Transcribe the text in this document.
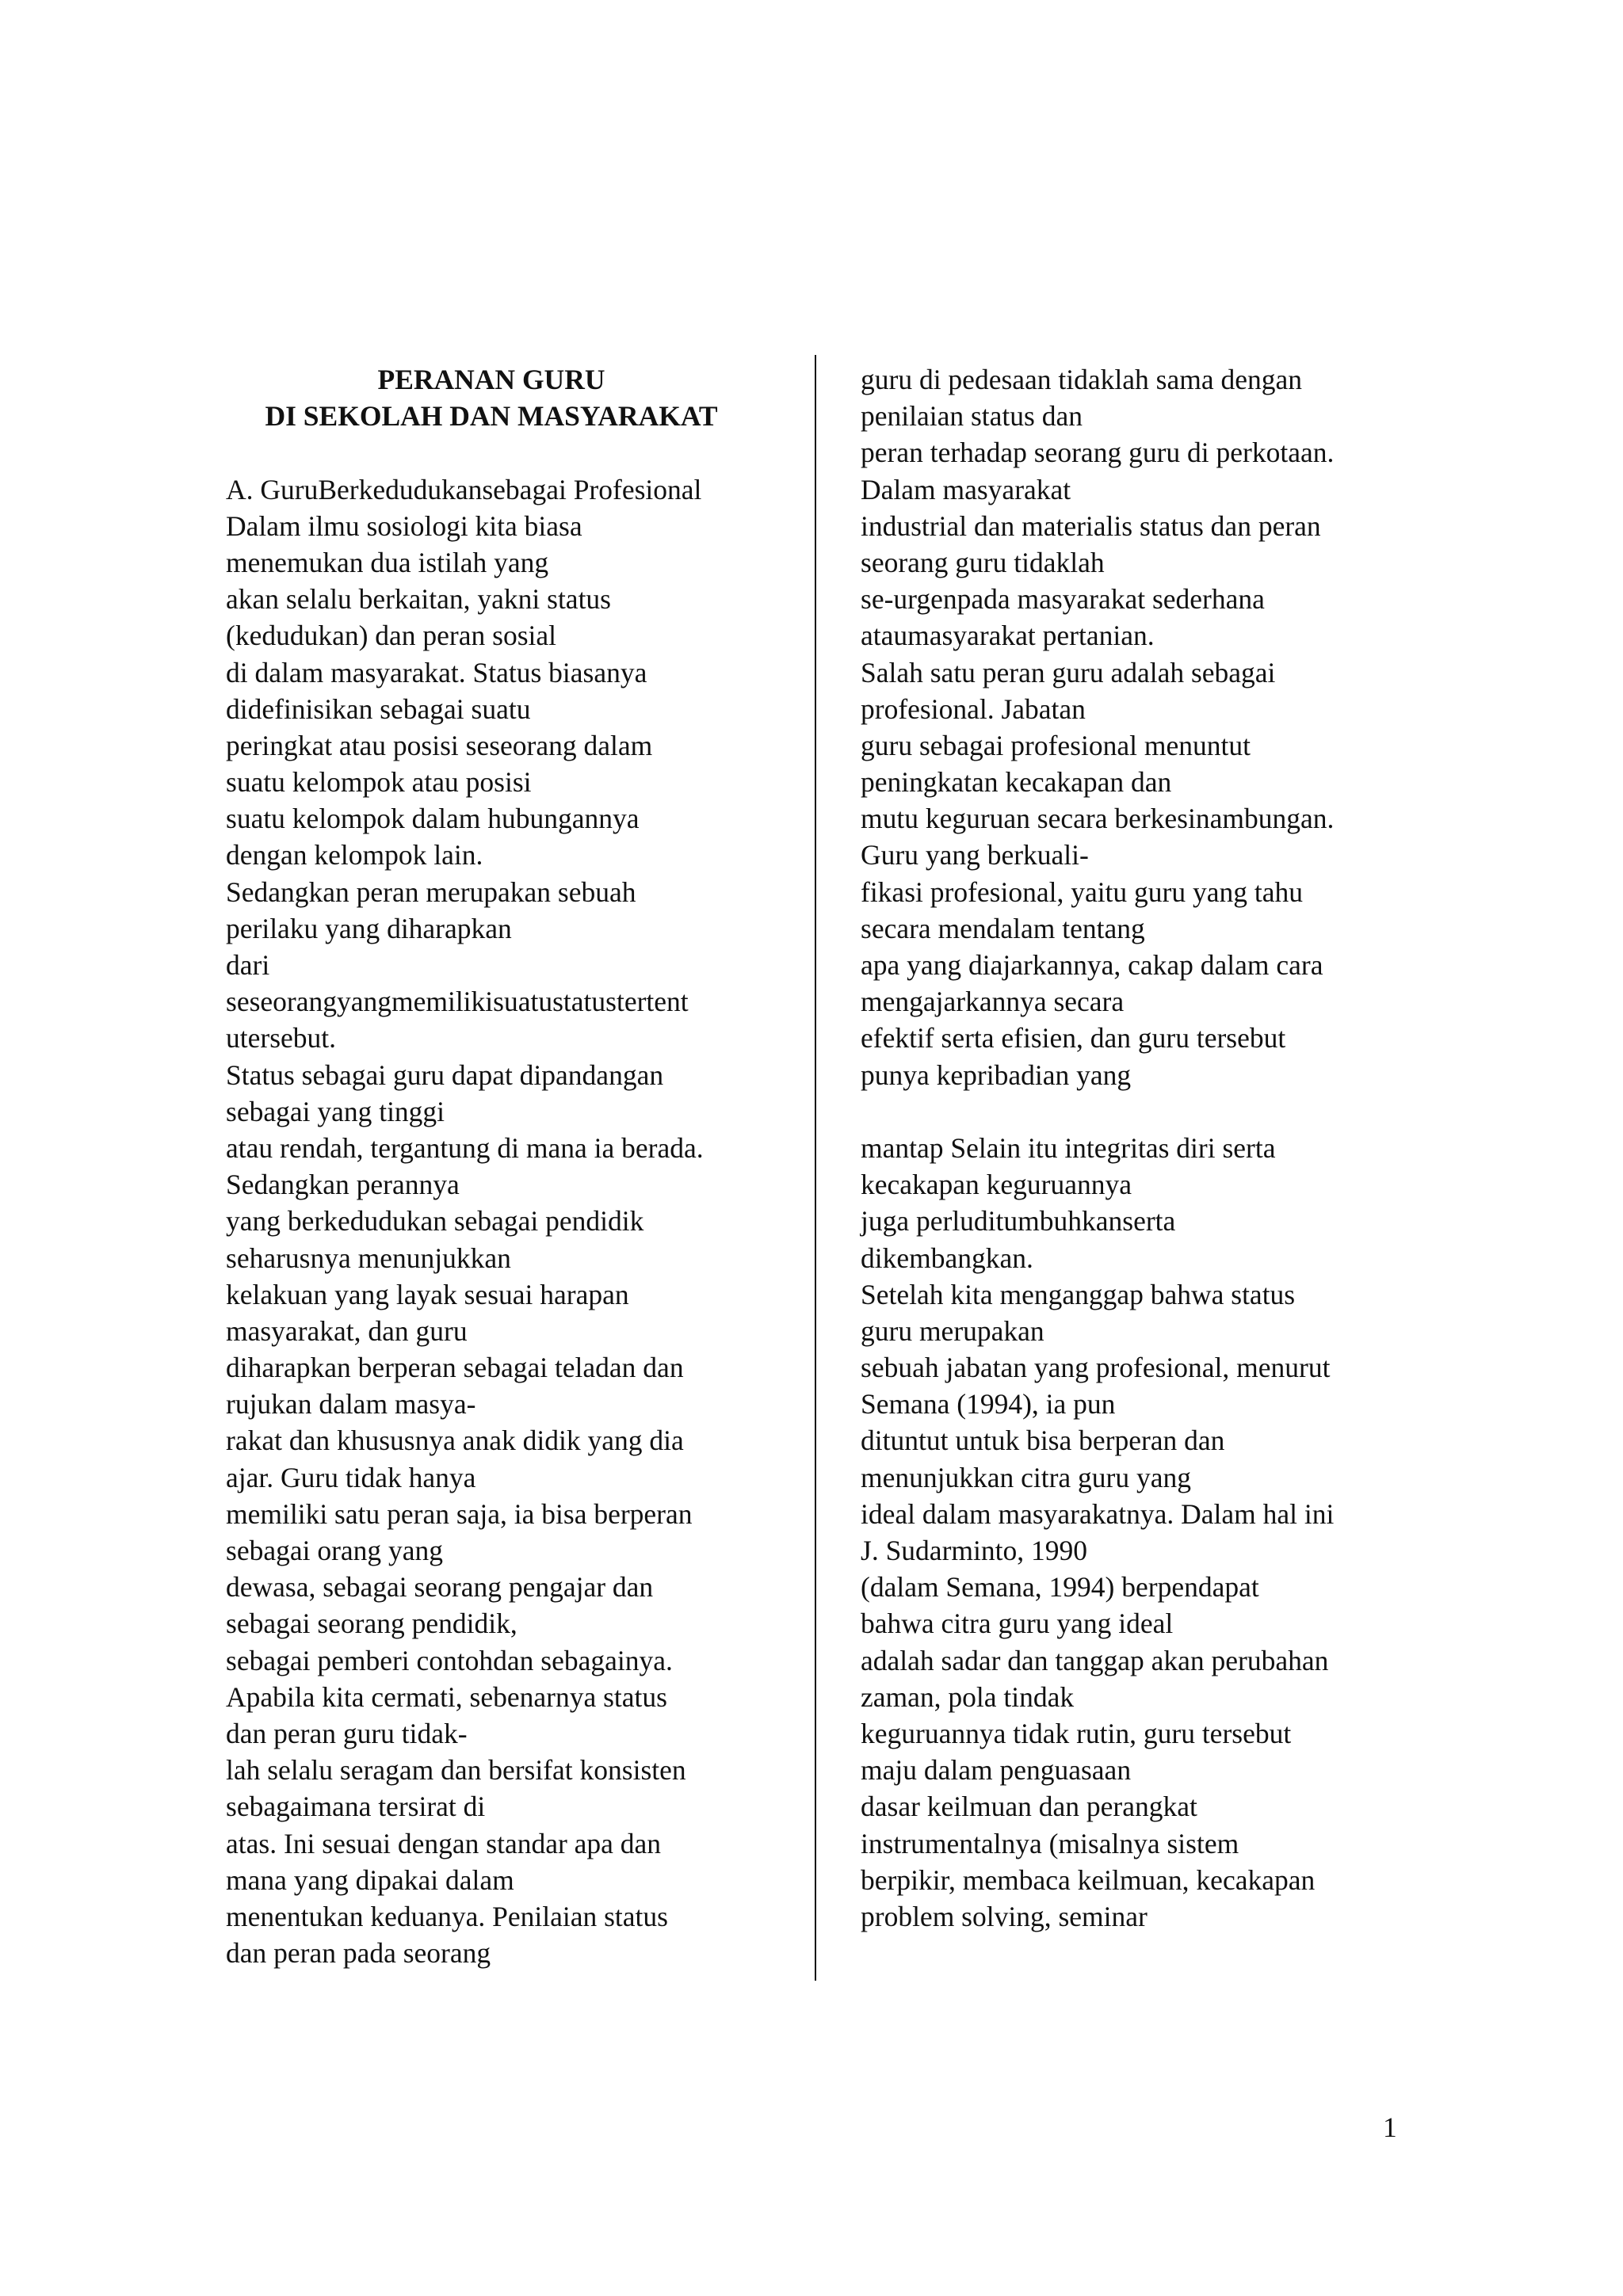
PERANAN GURU
DI SEKOLAH DAN MASYARAKAT
A. GuruBerkedudukansebagai Profesional
Dalam ilmu sosiologi kita biasa
menemukan dua istilah yang
akan selalu berkaitan, yakni status
(kedudukan) dan peran sosial
di dalam masyarakat. Status biasanya
didefinisikan sebagai suatu
peringkat atau posisi seseorang dalam
suatu kelompok atau posisi
suatu kelompok dalam hubungannya
dengan kelompok lain.
Sedangkan peran merupakan sebuah
perilaku yang diharapkan
dari
seseorangyangmemilikisuatustatustertent
utersebut.
Status sebagai guru dapat dipandangan
sebagai yang tinggi
atau rendah, tergantung di mana ia berada.
Sedangkan perannya
yang berkedudukan sebagai pendidik
seharusnya menunjukkan
kelakuan yang layak sesuai harapan
masyarakat, dan guru
diharapkan berperan sebagai teladan dan
rujukan dalam masya-
rakat dan khususnya anak didik yang dia
ajar. Guru tidak hanya
memiliki satu peran saja, ia bisa berperan
sebagai orang yang
dewasa, sebagai seorang pengajar dan
sebagai seorang pendidik,
sebagai pemberi contohdan sebagainya.
Apabila kita cermati, sebenarnya status
dan peran guru tidak-
lah selalu seragam dan bersifat konsisten
sebagaimana tersirat di
atas. Ini sesuai dengan standar apa dan
mana yang dipakai dalam
menentukan keduanya. Penilaian status
dan peran pada seorang
guru di pedesaan tidaklah sama dengan
penilaian status dan
peran terhadap seorang guru di perkotaan.
Dalam masyarakat
industrial dan materialis status dan peran
seorang guru tidaklah
se-urgenpada masyarakat sederhana
ataumasyarakat pertanian.
Salah satu peran guru adalah sebagai
profesional. Jabatan
guru sebagai profesional menuntut
peningkatan kecakapan dan
mutu keguruan secara berkesinambungan.
Guru yang berkuali-
fikasi profesional, yaitu guru yang tahu
secara mendalam tentang
apa yang diajarkannya, cakap dalam cara
mengajarkannya secara
efektif serta efisien, dan guru tersebut
punya kepribadian yang
mantap Selain itu integritas diri serta
kecakapan keguruannya
juga perluditumbuhkanserta
dikembangkan.
Setelah kita menganggap bahwa status
guru merupakan
sebuah jabatan yang profesional, menurut
Semana (1994), ia pun
dituntut untuk bisa berperan dan
menunjukkan citra guru yang
ideal dalam masyarakatnya. Dalam hal ini
J. Sudarminto, 1990
(dalam Semana, 1994) berpendapat
bahwa citra guru yang ideal
adalah sadar dan tanggap akan perubahan
zaman, pola tindak
keguruannya tidak rutin, guru tersebut
maju dalam penguasaan
dasar keilmuan dan perangkat
instrumentalnya (misalnya sistem
berpikir, membaca keilmuan, kecakapan
problem solving, seminar
1
